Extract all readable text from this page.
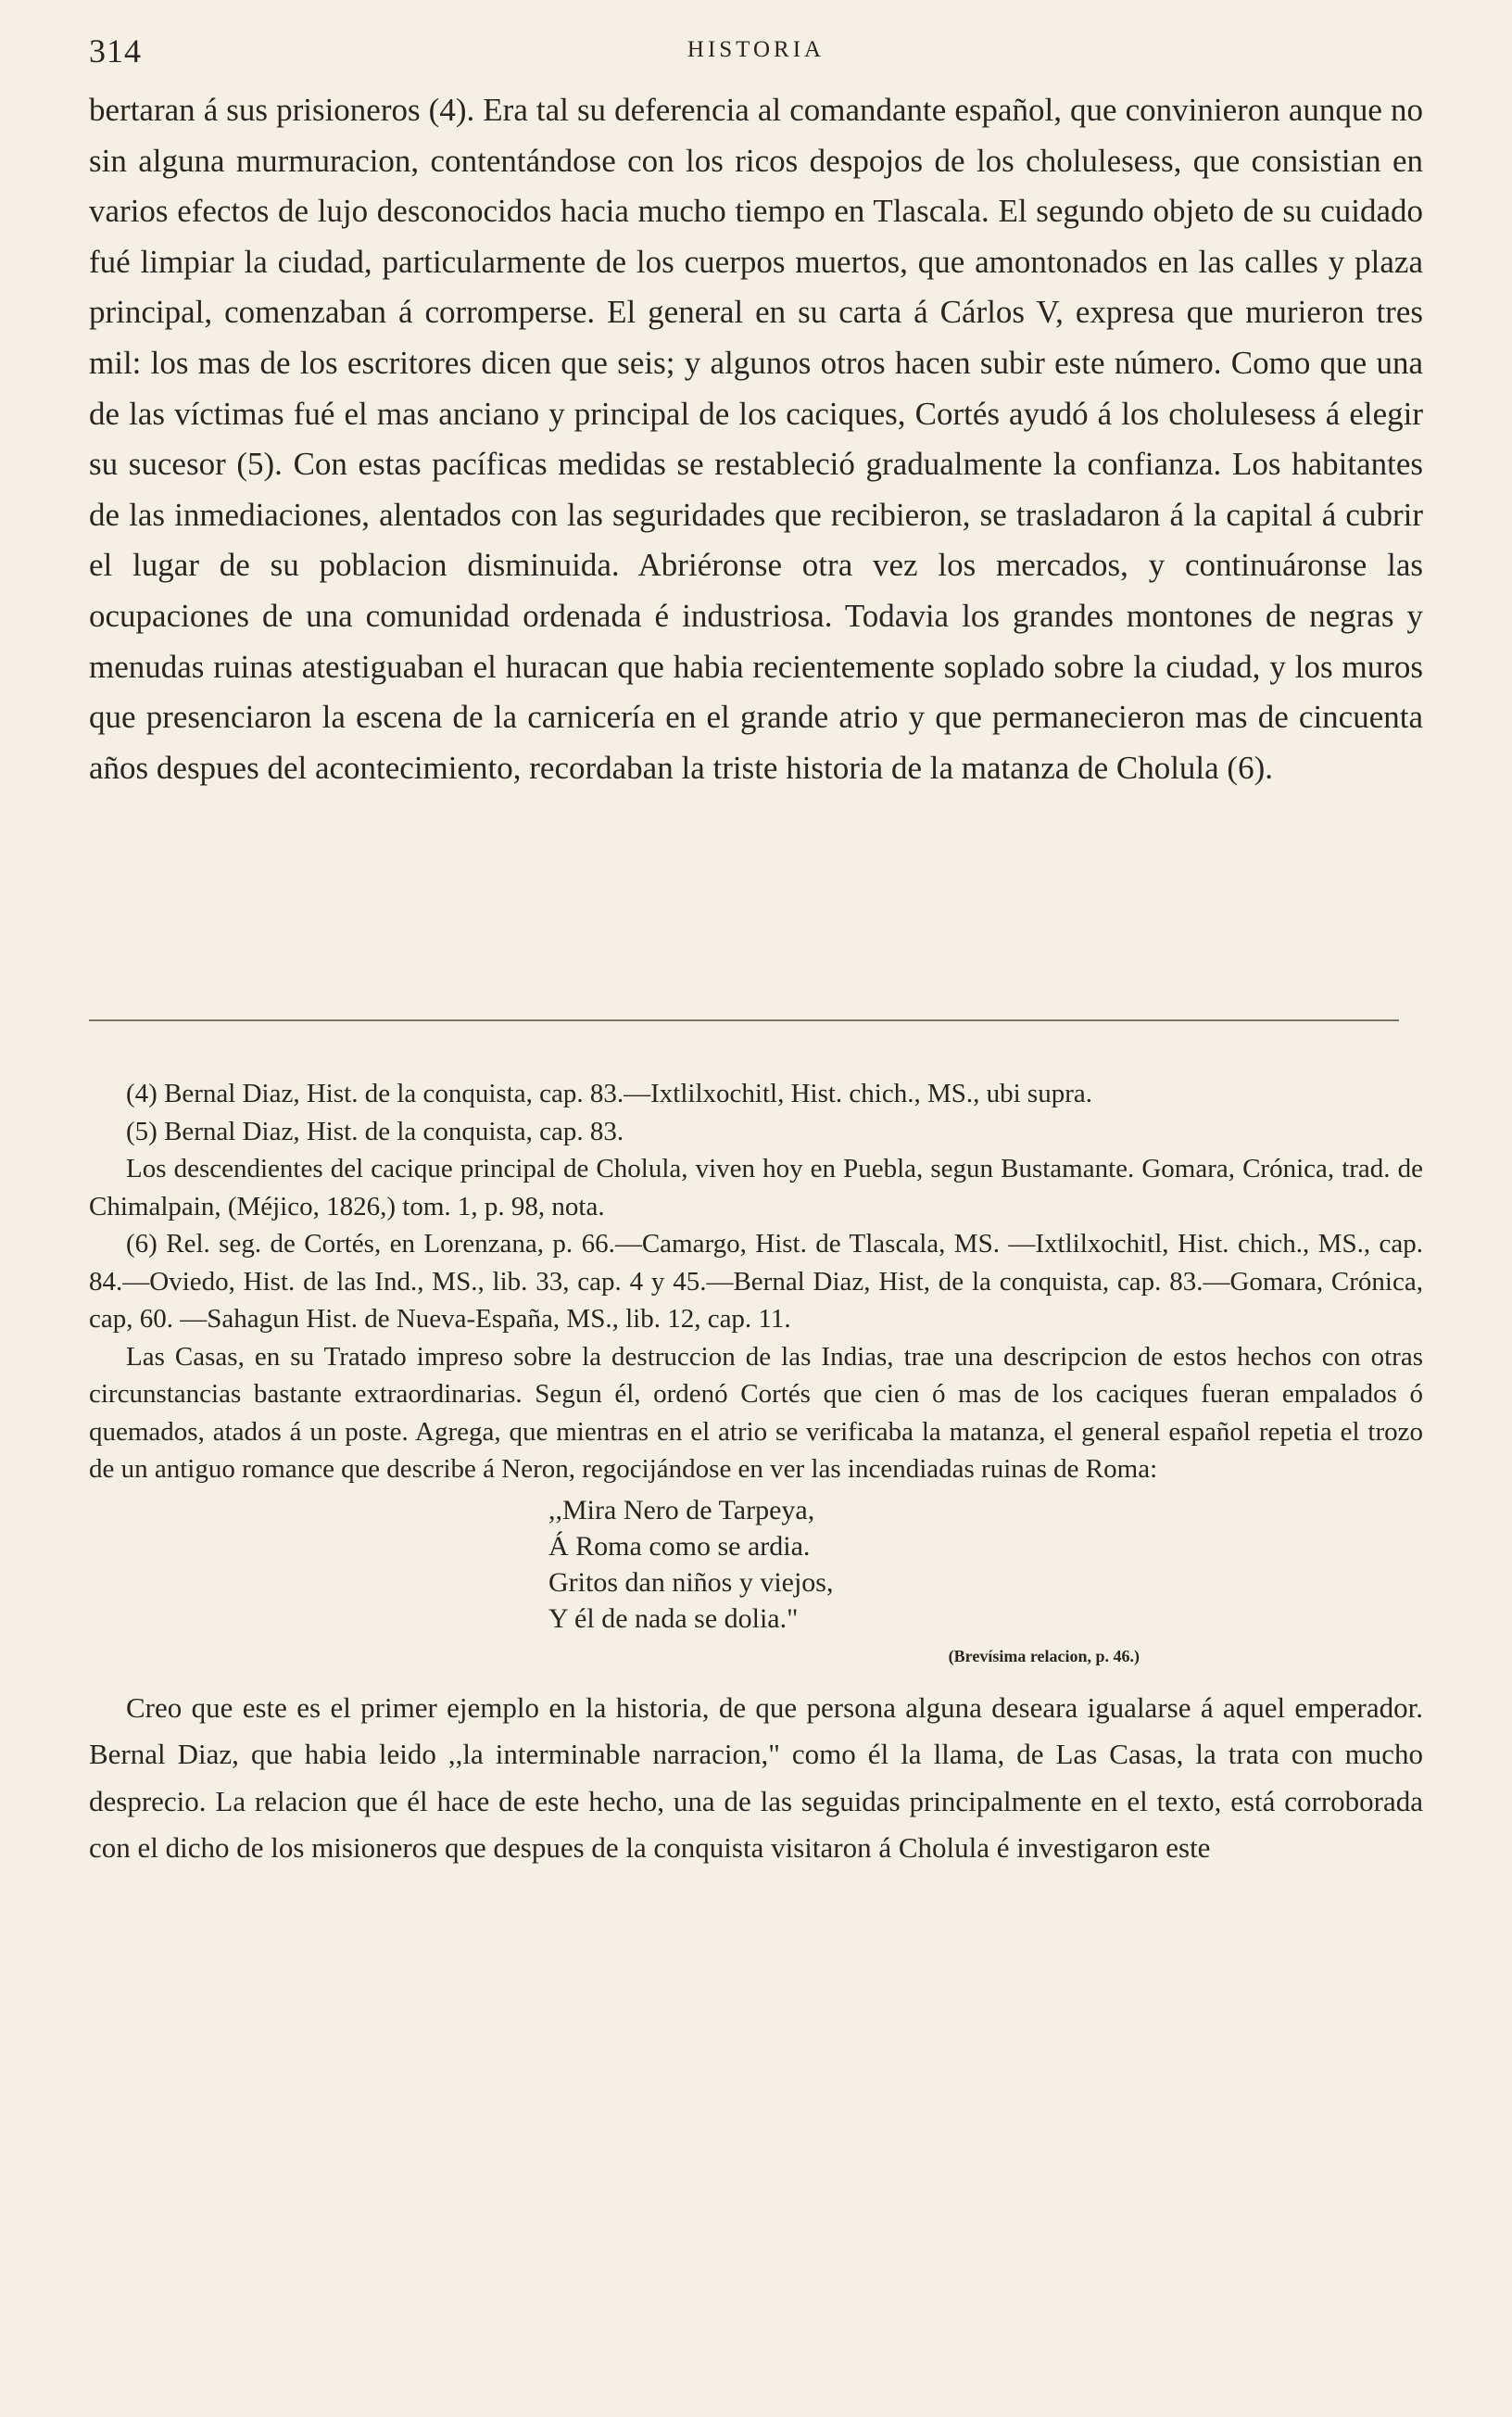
314	HISTORIA

bertaran á sus prisioneros (4). Era tal su deferencia al comandante español, que convinieron aunque no sin alguna murmuracion, contentándose con los ricos despojos de los cholulesess, que consistian en varios efectos de lujo desconocidos hacia mucho tiempo en Tlascala. El segundo objeto de su cuidado fué limpiar la ciudad, particularmente de los cuerpos muertos, que amontonados en las calles y plaza principal, comenzaban á corromperse. El general en su carta á Cárlos V, expresa que murieron tres mil: los mas de los escritores dicen que seis; y algunos otros hacen subir este número. Como que una de las víctimas fué el mas anciano y principal de los caciques, Cortés ayudó á los cholulesess á elegir su sucesor (5). Con estas pacíficas medidas se restableció gradualmente la confianza. Los habitantes de las inmediaciones, alentados con las seguridades que recibieron, se trasladaron á la capital á cubrir el lugar de su poblacion disminuida. Abriéronse otra vez los mercados, y continuáronse las ocupaciones de una comunidad ordenada é industriosa. Todavia los grandes montones de negras y menudas ruinas atestiguaban el huracan que habia recientemente soplado sobre la ciudad, y los muros que presenciaron la escena de la carnicería en el grande atrio y que permanecieron mas de cincuenta años despues del acontecimiento, recordaban la triste historia de la matanza de Cholula (6).

(4) Bernal Diaz, Hist. de la conquista, cap. 83.—Ixtlilxochitl, Hist. chich., MS., ubi supra.

(5) Bernal Diaz, Hist. de la conquista, cap. 83.

Los descendientes del cacique principal de Cholula, viven hoy en Puebla, segun Bustamante. Gomara, Crónica, trad. de Chimalpain, (Méjico, 1826,) tom. 1, p. 98, nota.

(6) Rel. seg. de Cortés, en Lorenzana, p. 66.—Camargo, Hist. de Tlascala, MS. —Ixtlilxochitl, Hist. chich., MS., cap. 84.—Oviedo, Hist. de las Ind., MS., lib. 33, cap. 4 y 45.—Bernal Diaz, Hist, de la conquista, cap. 83.—Gomara, Crónica, cap, 60. —Sahagun Hist. de Nueva-España, MS., lib. 12, cap. 11.

Las Casas, en su Tratado impreso sobre la destruccion de las Indias, trae una descripcion de estos hechos con otras circunstancias bastante extraordinarias. Segun él, ordenó Cortés que cien ó mas de los caciques fueran empalados ó quemados, atados á un poste. Agrega, que mientras en el atrio se verificaba la matanza, el general español repetia el trozo de un antiguo romance que describe á Neron, regocijándose en ver las incendiadas ruinas de Roma:

,,Mira Nero de Tarpeya,
Á Roma como se ardia.
Gritos dan niños y viejos,
Y él de nada se dolia."
(Brevísima relacion, p. 46.)

Creo que este es el primer ejemplo en la historia, de que persona alguna deseara igualarse á aquel emperador. Bernal Diaz, que habia leido ,,la interminable narracion," como él la llama, de Las Casas, la trata con mucho desprecio. La relacion que él hace de este hecho, una de las seguidas principalmente en el texto, está corroborada con el dicho de los misioneros que despues de la conquista visitaron á Cholula é investigaron este
